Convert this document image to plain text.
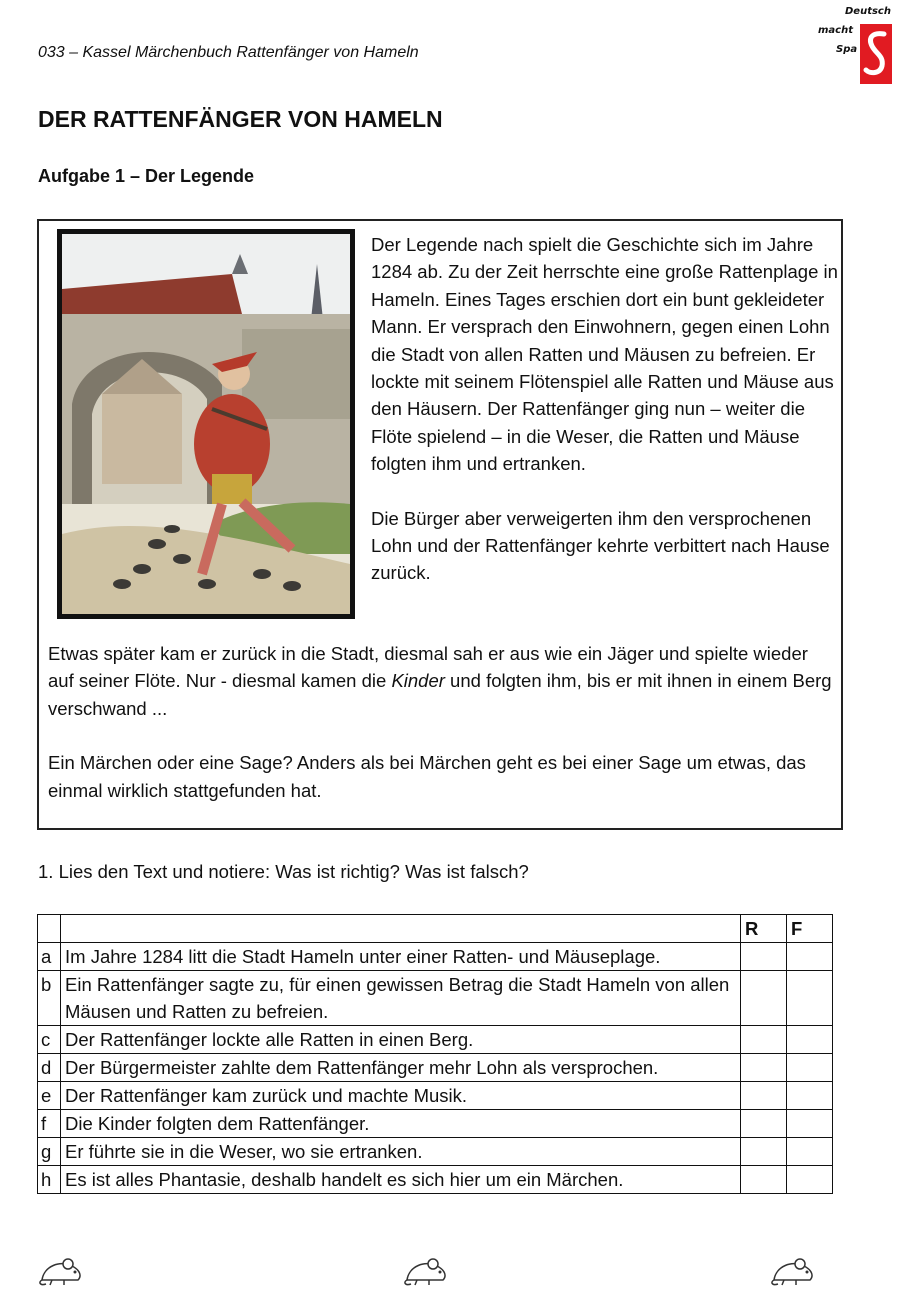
033 – Kassel Märchenbuch Rattenfänger von Hameln
Deutsch
macht
Spa
DER RATTENFÄNGER VON HAMELN
Aufgabe 1 – Der Legende

Der Legende nach spielt die Geschichte sich im Jahre 1284 ab. Zu der Zeit herrschte eine große Rattenplage in Hameln. Eines Tages erschien dort ein bunt gekleideter Mann. Er versprach den Einwohnern, gegen einen Lohn die Stadt von allen Ratten und Mäusen zu befreien. Er lockte mit seinem Flötenspiel alle Ratten und Mäuse aus den Häusern. Der Rattenfänger ging nun – weiter die Flöte spielend – in die Weser, die Ratten und Mäuse folgten ihm und ertranken.

Die Bürger aber verweigerten ihm den versprochenen Lohn und der Rattenfänger kehrte verbittert nach Hause zurück.

Etwas später kam er zurück in die Stadt, diesmal sah er aus wie ein Jäger und spielte wieder auf seiner Flöte. Nur - diesmal kamen die Kinder und folgten ihm, bis er mit ihnen in einem Berg verschwand ...

Ein Märchen oder eine Sage? Anders als bei Märchen geht es bei einer Sage um etwas, das einmal wirklich stattgefunden hat.

1. Lies den Text und notiere: Was ist richtig? Was ist falsch?
		R	F
a	Im Jahre 1284 litt die Stadt Hameln unter einer Ratten- und Mäuseplage.		
b	Ein Rattenfänger sagte zu, für einen gewissen Betrag die Stadt Hameln von allen Mäusen und Ratten zu befreien.		
c	Der Rattenfänger lockte alle Ratten in einen Berg.		
d	Der Bürgermeister zahlte dem Rattenfänger mehr Lohn als versprochen.		
e	Der Rattenfänger kam zurück und machte Musik.		
f	Die Kinder folgten dem Rattenfänger.		
g	Er führte sie in die Weser, wo sie ertranken.		
h	Es ist alles Phantasie, deshalb handelt es sich hier um ein Märchen.		
